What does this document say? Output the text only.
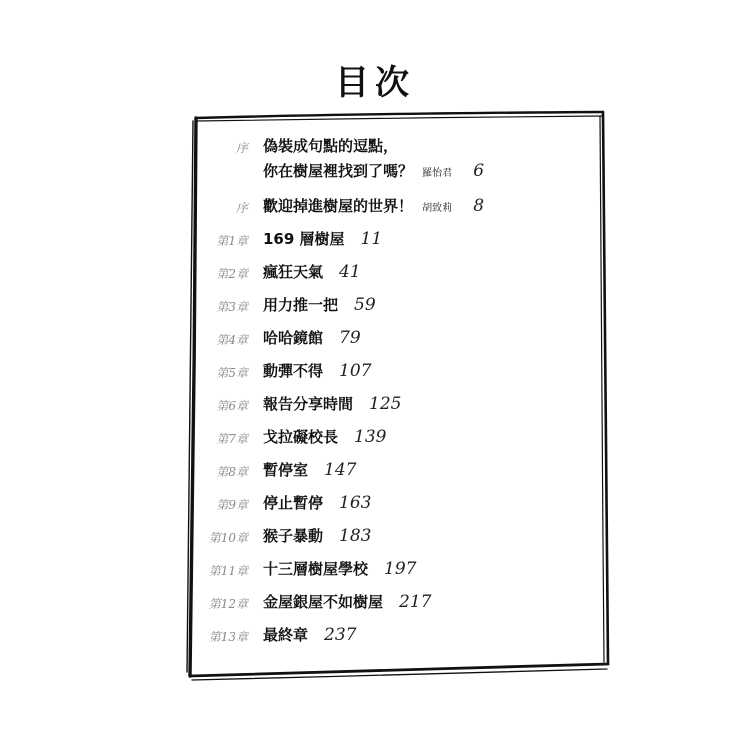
目次
序 偽裝成句點的逗點，
你在樹屋裡找到了嗎？ 羅怡君 6
序 歡迎掉進樹屋的世界！ 胡致莉 8
第1章 169 層樹屋 11
第2章 瘋狂天氣 41
第3章 用力推一把 59
第4章 哈哈鏡館 79
第5章 動彈不得 107
第6章 報告分享時間 125
第7章 戈拉礙校長 139
第8章 暫停室 147
第9章 停止暫停 163
第10章 猴子暴動 183
第11章 十三層樹屋學校 197
第12章 金屋銀屋不如樹屋 217
第13章 最終章 237
